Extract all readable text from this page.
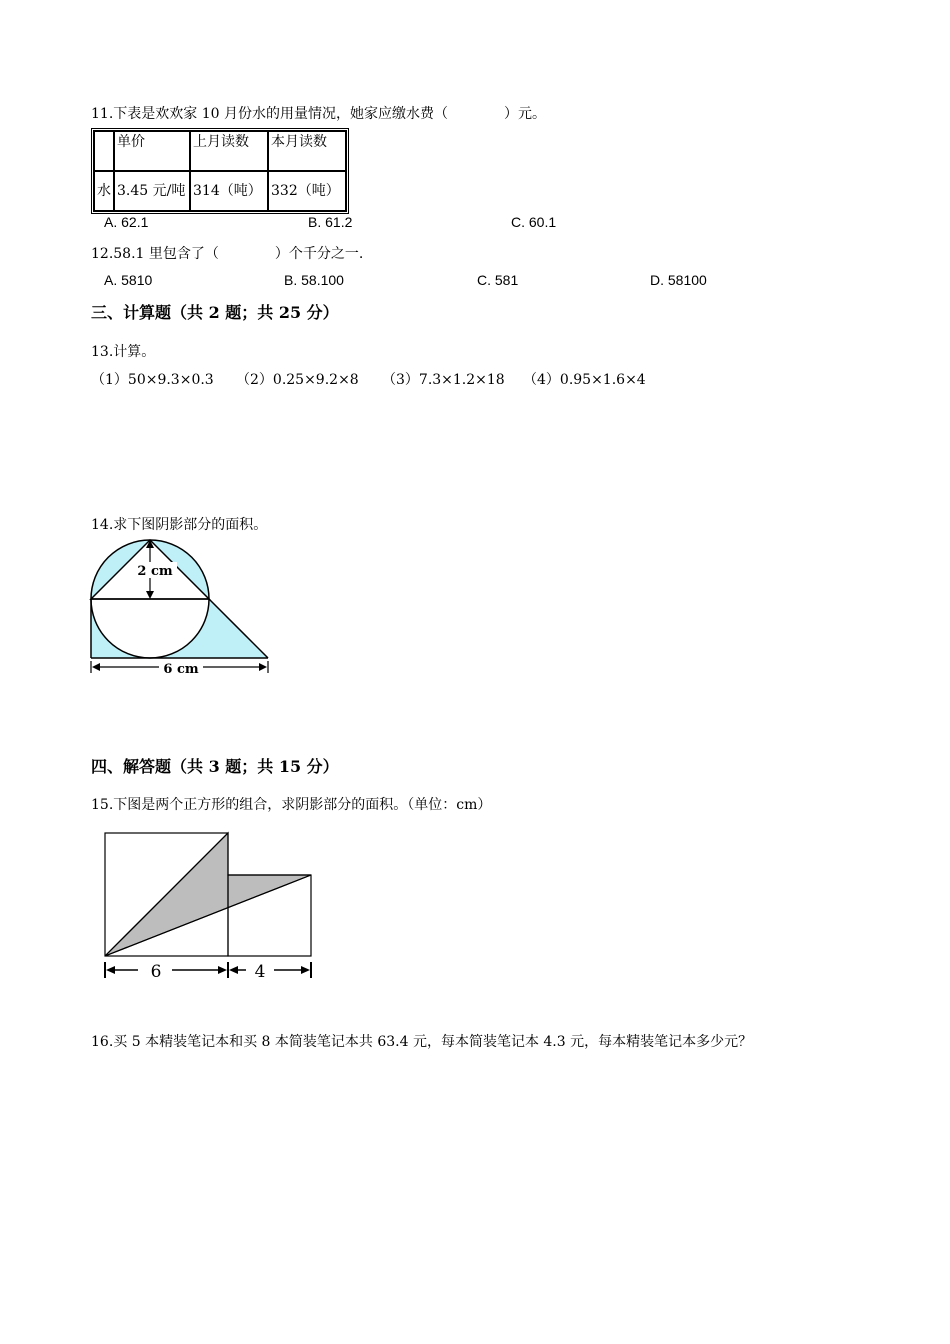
11.下表是欢欢家 10 月份水的用量情况，她家应缴水费（　　　　）元。
	单价	上月读数	本月读数
水	3.45 元/吨	314（吨）	332（吨）
A. 62.1	B. 61.2	C. 60.1
12.58.1 里包含了（　　　　）个千分之一.
A. 5810	B. 58.100	C. 581	D. 58100
三、计算题（共 2 题；共 25 分）
13.计算。
（1）50×9.3×0.3 （2）0.25×9.2×8 （3）7.3×1.2×18 （4）0.95×1.6×4
14.求下图阴影部分的面积。
2 cm
6 cm
四、解答题（共 3 题；共 15 分）
15.下图是两个正方形的组合，求阴影部分的面积。（单位：cm）
6	4
16.买 5 本精装笔记本和买 8 本简装笔记本共 63.4 元，每本简装笔记本 4.3 元，每本精装笔记本多少元？
